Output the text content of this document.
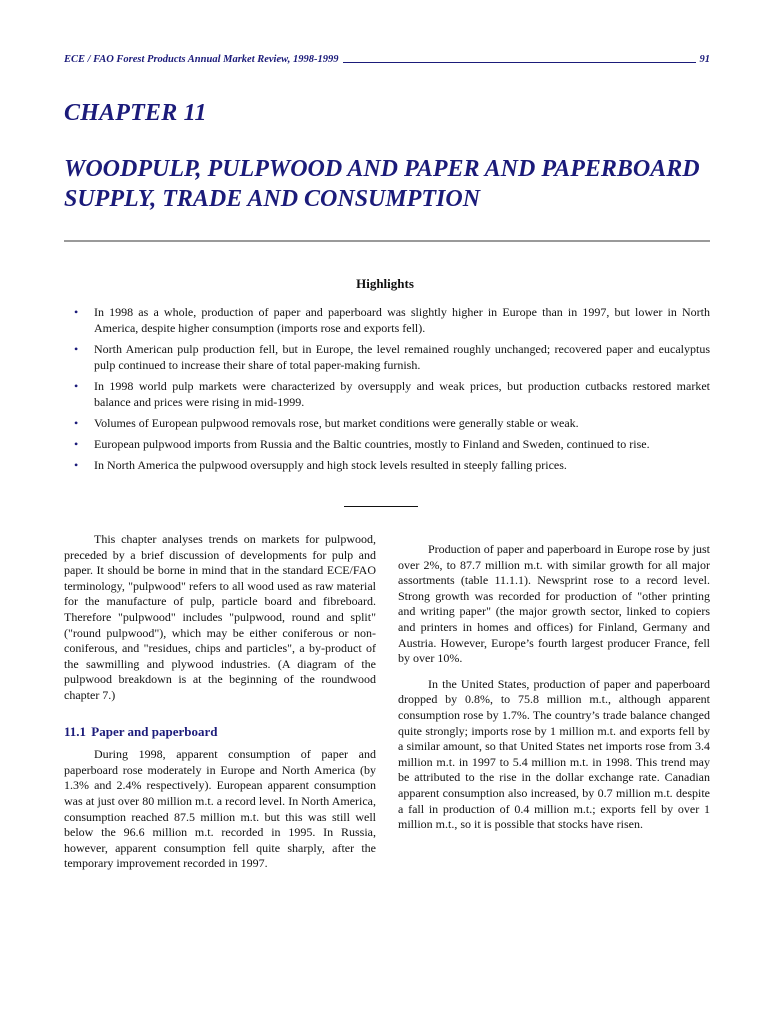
ECE / FAO Forest Products Annual Market Review, 1998-1999	91
CHAPTER 11
WOODPULP, PULPWOOD AND PAPER AND PAPERBOARD SUPPLY, TRADE AND CONSUMPTION
Highlights
• In 1998 as a whole, production of paper and paperboard was slightly higher in Europe than in 1997, but lower in North America, despite higher consumption (imports rose and exports fell).
• North American pulp production fell, but in Europe, the level remained roughly unchanged; recovered paper and eucalyptus pulp continued to increase their share of total paper-making furnish.
• In 1998 world pulp markets were characterized by oversupply and weak prices, but production cutbacks restored market balance and prices were rising in mid-1999.
• Volumes of European pulpwood removals rose, but market conditions were generally stable or weak.
• European pulpwood imports from Russia and the Baltic countries, mostly to Finland and Sweden, continued to rise.
• In North America the pulpwood oversupply and high stock levels resulted in steeply falling prices.

This chapter analyses trends on markets for pulpwood, preceded by a brief discussion of developments for pulp and paper. It should be borne in mind that in the standard ECE/FAO terminology, "pulpwood" refers to all wood used as raw material for the manufacture of pulp, particle board and fibreboard. Therefore "pulpwood" includes "pulpwood, round and split" ("round pulpwood"), which may be either coniferous or non-coniferous, and "residues, chips and particles", a by-product of the sawmilling and plywood industries. (A diagram of the pulpwood breakdown is at the beginning of the roundwood chapter 7.)

11.1 Paper and paperboard

During 1998, apparent consumption of paper and paperboard rose moderately in Europe and North America (by 1.3% and 2.4% respectively). European apparent consumption was at just over 80 million m.t. a record level. In North America, consumption reached 87.5 million m.t. but this was still well below the 96.6 million m.t. recorded in 1995. In Russia, however, apparent consumption fell quite sharply, after the temporary improvement recorded in 1997.

Production of paper and paperboard in Europe rose by just over 2%, to 87.7 million m.t. with similar growth for all major assortments (table 11.1.1). Newsprint rose to a record level. Strong growth was recorded for production of "other printing and writing paper" (the major growth sector, linked to copiers and printers in homes and offices) for Finland, Germany and Austria. However, Europe’s fourth largest producer France, fell by over 10%.

In the United States, production of paper and paperboard dropped by 0.8%, to 75.8 million m.t., although apparent consumption rose by 1.7%. The country’s trade balance changed quite strongly; imports rose by 1 million m.t. and exports fell by a similar amount, so that United States net imports rose from 3.4 million m.t. in 1997 to 5.4 million m.t. in 1998. This trend may be attributed to the rise in the dollar exchange rate. Canadian apparent consumption also increased, by 0.7 million m.t. despite a fall in production of 0.4 million m.t.; exports fell by over 1 million m.t., so it is possible that stocks have risen.
